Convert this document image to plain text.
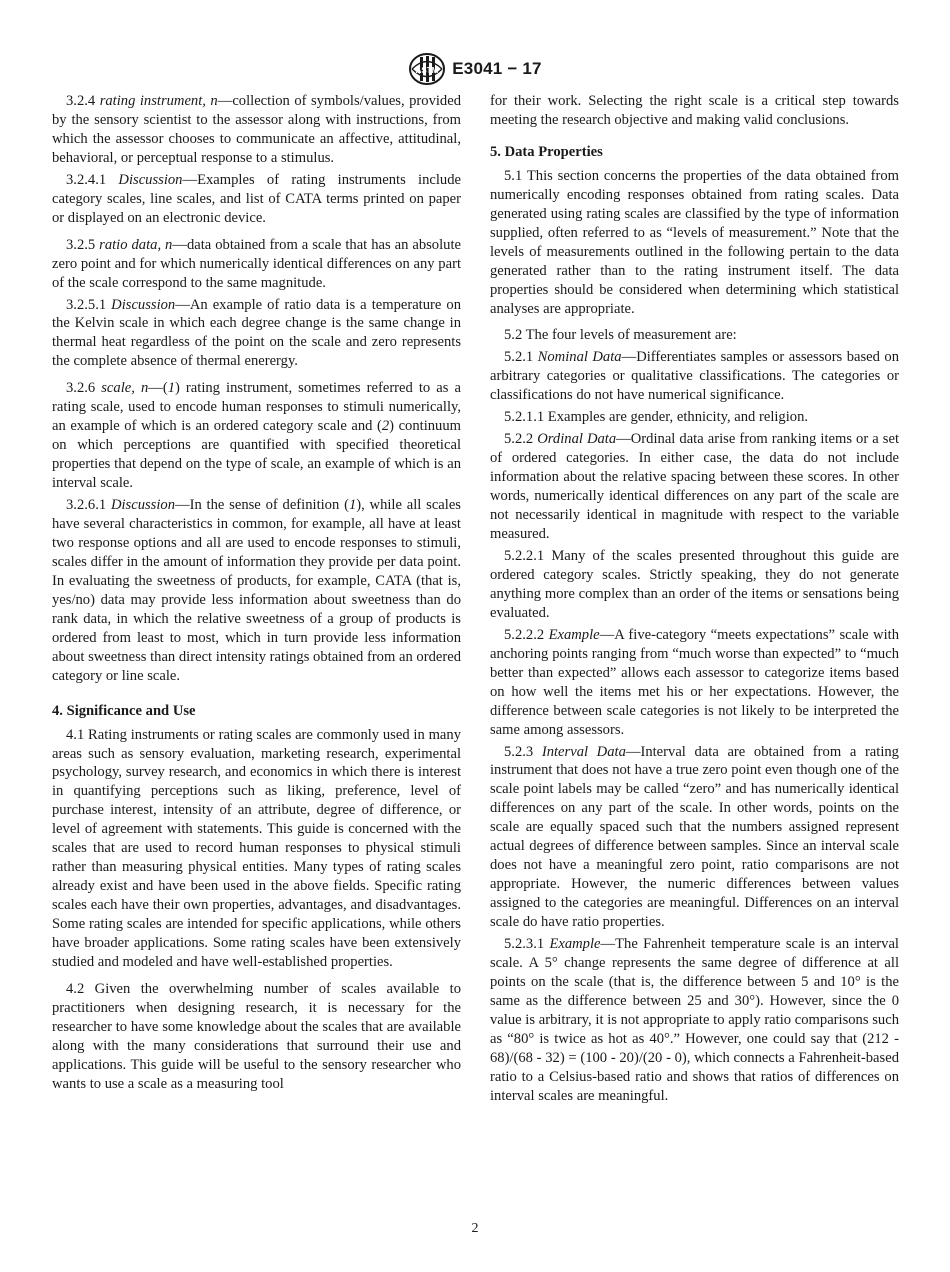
ASTM E3041 − 17

3.2.4 rating instrument, n—collection of symbols/values, provided by the sensory scientist to the assessor along with instructions, from which the assessor chooses to communicate an affective, attitudinal, behavioral, or perceptual response to a stimulus.

3.2.4.1 Discussion—Examples of rating instruments include category scales, line scales, and list of CATA terms printed on paper or displayed on an electronic device.

3.2.5 ratio data, n—data obtained from a scale that has an absolute zero point and for which numerically identical differences on any part of the scale correspond to the same magnitude.

3.2.5.1 Discussion—An example of ratio data is a temperature on the Kelvin scale in which each degree change is the same change in thermal heat regardless of the point on the scale and zero represents the complete absence of thermal enerergy.

3.2.6 scale, n—(1) rating instrument, sometimes referred to as a rating scale, used to encode human responses to stimuli numerically, an example of which is an ordered category scale and (2) continuum on which perceptions are quantified with specified theoretical properties that depend on the type of scale, an example of which is an interval scale.

3.2.6.1 Discussion—In the sense of definition (1), while all scales have several characteristics in common, for example, all have at least two response options and all are used to encode responses to stimuli, scales differ in the amount of information they provide per data point. In evaluating the sweetness of products, for example, CATA (that is, yes/no) data may provide less information about sweetness than do rank data, in which the relative sweetness of a group of products is ordered from least to most, which in turn provide less information about sweetness than direct intensity ratings obtained from an ordered category or line scale.

4. Significance and Use

4.1 Rating instruments or rating scales are commonly used in many areas such as sensory evaluation, marketing research, experimental psychology, survey research, and economics in which there is interest in quantifying perceptions such as liking, preference, level of purchase interest, intensity of an attribute, degree of difference, or level of agreement with statements. This guide is concerned with the scales that are used to record human responses to physical stimuli rather than measuring physical entities. Many types of rating scales already exist and have been used in the above fields. Specific rating scales each have their own properties, advantages, and disadvantages. Some rating scales are intended for specific applications, while others have broader applications. Some rating scales have been extensively studied and modeled and have well-established properties.

4.2 Given the overwhelming number of scales available to practitioners when designing research, it is necessary for the researcher to have some knowledge about the scales that are available along with the many considerations that surround their use and applications. This guide will be useful to the sensory researcher who wants to use a scale as a measuring tool

for their work. Selecting the right scale is a critical step towards meeting the research objective and making valid conclusions.

5. Data Properties

5.1 This section concerns the properties of the data obtained from numerically encoding responses obtained from rating scales. Data generated using rating scales are classified by the type of information supplied, often referred to as “levels of measurement.” Note that the levels of measurements outlined in the following pertain to the data generated rather than to the rating instrument itself. The data properties should be considered when determining which statistical analyses are appropriate.

5.2 The four levels of measurement are:

5.2.1 Nominal Data—Differentiates samples or assessors based on arbitrary categories or qualitative classifications. The categories or classifications do not have numerical significance.

5.2.1.1 Examples are gender, ethnicity, and religion.

5.2.2 Ordinal Data—Ordinal data arise from ranking items or a set of ordered categories. In either case, the data do not include information about the relative spacing between these scores. In other words, numerically identical differences on any part of the scale are not necessarily identical in magnitude with respect to the variable measured.

5.2.2.1 Many of the scales presented throughout this guide are ordered category scales. Strictly speaking, they do not generate anything more complex than an order of the items or sensations being evaluated.

5.2.2.2 Example—A five-category “meets expectations” scale with anchoring points ranging from “much worse than expected” to “much better than expected” allows each assessor to categorize items based on how well the items met his or her expectations. However, the difference between scale categories is not likely to be interpreted the same among assessors.

5.2.3 Interval Data—Interval data are obtained from a rating instrument that does not have a true zero point even though one of the scale point labels may be called “zero” and has numerically identical differences on any part of the scale. In other words, points on the scale are equally spaced such that the numbers assigned represent actual degrees of difference between samples. Since an interval scale does not have a meaningful zero point, ratio comparisons are not appropriate. However, the numeric differences between values assigned to the categories are meaningful. Differences on an interval scale do have ratio properties.

5.2.3.1 Example—The Fahrenheit temperature scale is an interval scale. A 5° change represents the same degree of difference at all points on the scale (that is, the difference between 5 and 10° is the same as the difference between 25 and 30°). However, since the 0 value is arbitrary, it is not appropriate to apply ratio comparisons such as “80° is twice as hot as 40°.” However, one could say that (212 - 68)/(68 - 32) = (100 - 20)/(20 - 0), which connects a Fahrenheit-based ratio to a Celsius-based ratio and shows that ratios of differences on interval scales are meaningful.

2
